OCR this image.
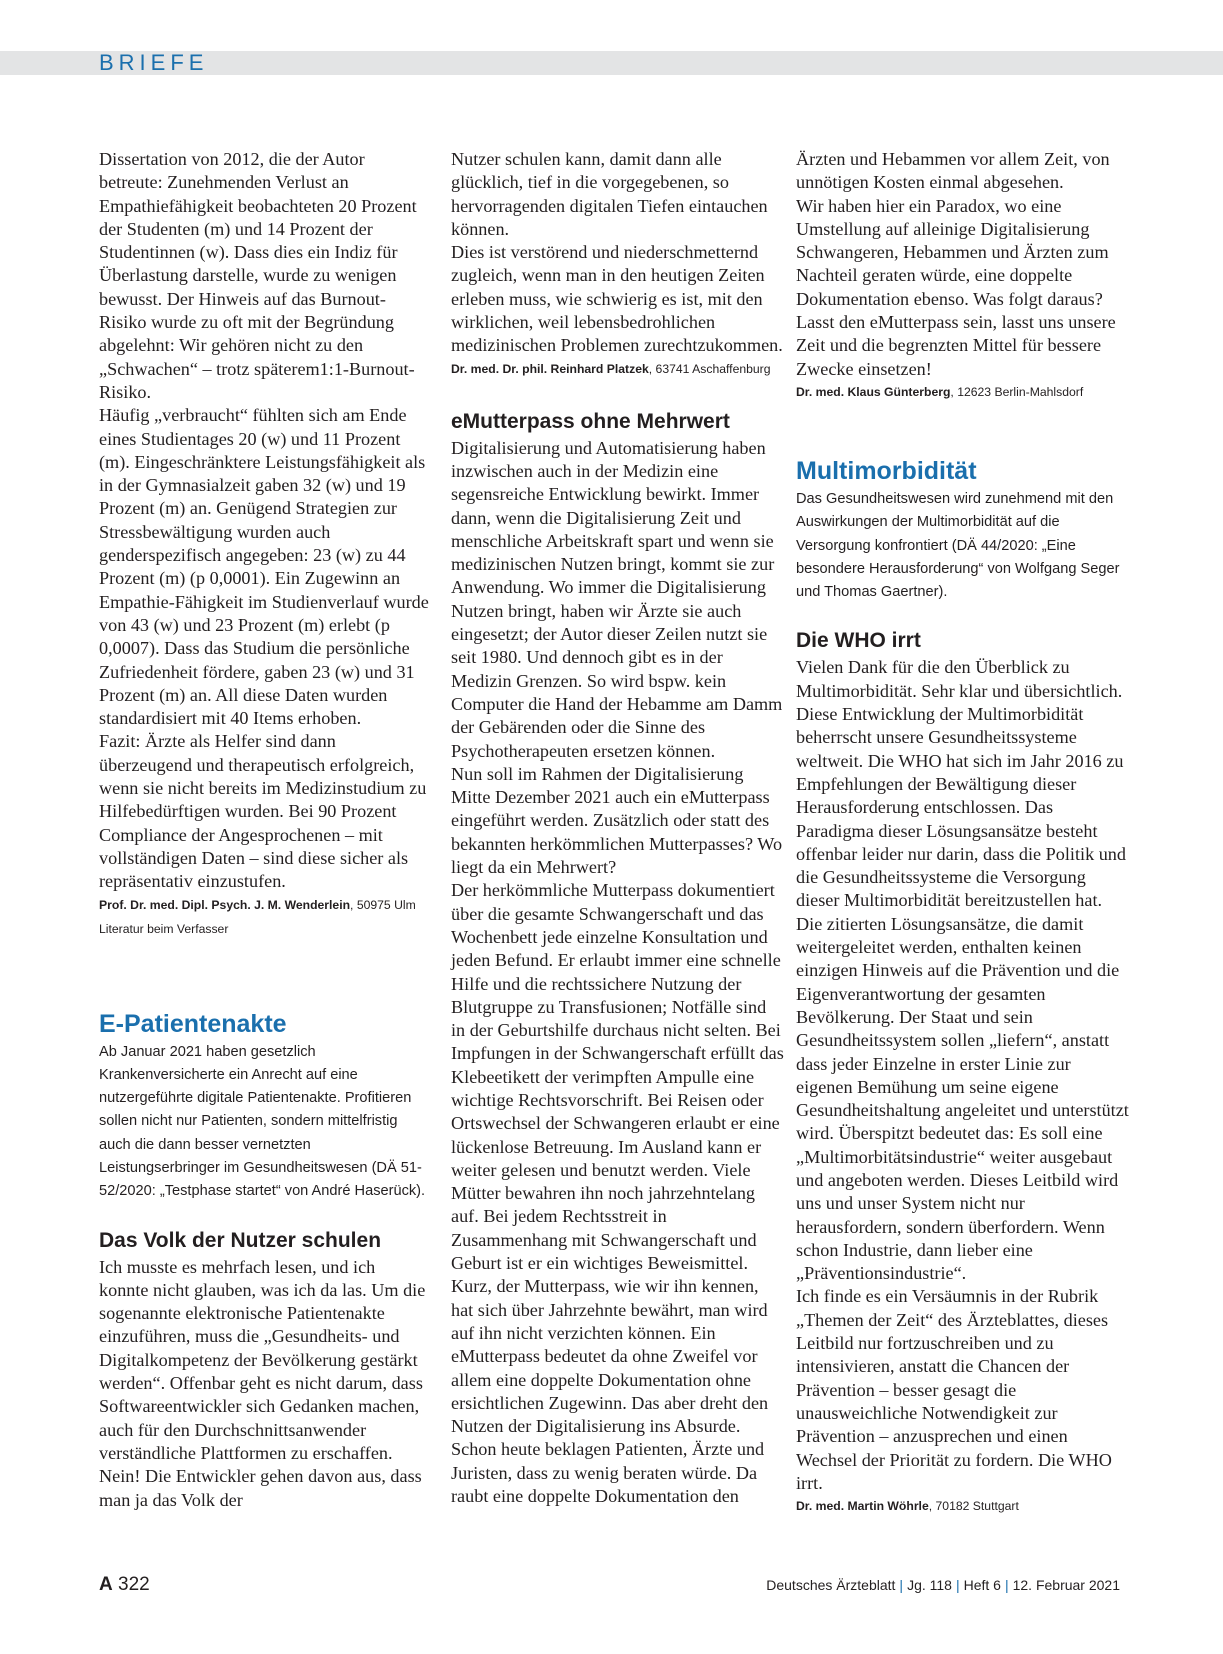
BRIEFE

Dissertation von 2012, die der Autor betreute: Zunehmenden Verlust an Empathiefähigkeit beobachteten 20 Prozent der Studenten (m) und 14 Prozent der Studentinnen (w). Dass dies ein Indiz für Überlastung darstelle, wurde zu wenigen bewusst. Der Hinweis auf das Burnout-Risiko wurde zu oft mit der Begründung abgelehnt: Wir gehören nicht zu den „Schwachen“ – trotz späterem1:1-Burnout-Risiko.

Häufig „verbraucht“ fühlten sich am Ende eines Studientages 20 (w) und 11 Prozent (m). Eingeschränktere Leistungsfähigkeit als in der Gymnasialzeit gaben 32 (w) und 19 Prozent (m) an. Genügend Strategien zur Stressbewältigung wurden auch genderspezifisch angegeben: 23 (w) zu 44 Prozent (m) (p 0,0001). Ein Zugewinn an Empathie-Fähigkeit im Studienverlauf wurde von 43 (w) und 23 Prozent (m) erlebt (p 0,0007). Dass das Studium die persönliche Zufriedenheit fördere, gaben 23 (w) und 31 Prozent (m) an. All diese Daten wurden standardisiert mit 40 Items erhoben.

Fazit: Ärzte als Helfer sind dann überzeugend und therapeutisch erfolgreich, wenn sie nicht bereits im Medizinstudium zu Hilfebedürftigen wurden. Bei 90 Prozent Compliance der Angesprochenen – mit vollständigen Daten – sind diese sicher als repräsentativ einzustufen.

Prof. Dr. med. Dipl. Psych. J. M. Wenderlein, 50975 Ulm

Literatur beim Verfasser

E-Patientenakte

Ab Januar 2021 haben gesetzlich Krankenversicherte ein Anrecht auf eine nutzergeführte digitale Patientenakte. Profitieren sollen nicht nur Patienten, sondern mittelfristig auch die dann besser vernetzten Leistungserbringer im Gesundheitswesen (DÄ 51-52/2020: „Testphase startet“ von André Haserück).

Das Volk der Nutzer schulen

Ich musste es mehrfach lesen, und ich konnte nicht glauben, was ich da las. Um die sogenannte elektronische Patientenakte einzuführen, muss die „Gesundheits- und Digitalkompetenz der Bevölkerung gestärkt werden“. Offenbar geht es nicht darum, dass Softwareentwickler sich Gedanken machen, auch für den Durchschnittsanwender verständliche Plattformen zu erschaffen. Nein! Die Entwickler gehen davon aus, dass man ja das Volk der

Nutzer schulen kann, damit dann alle glücklich, tief in die vorgegebenen, so hervorragenden digitalen Tiefen eintauchen können.

Dies ist verstörend und niederschmetternd zugleich, wenn man in den heutigen Zeiten erleben muss, wie schwierig es ist, mit den wirklichen, weil lebensbedrohlichen medizinischen Problemen zurechtzukommen.

Dr. med. Dr. phil. Reinhard Platzek, 63741 Aschaffenburg

eMutterpass ohne Mehrwert

Digitalisierung und Automatisierung haben inzwischen auch in der Medizin eine segensreiche Entwicklung bewirkt. Immer dann, wenn die Digitalisierung Zeit und menschliche Arbeitskraft spart und wenn sie medizinischen Nutzen bringt, kommt sie zur Anwendung. Wo immer die Digitalisierung Nutzen bringt, haben wir Ärzte sie auch eingesetzt; der Autor dieser Zeilen nutzt sie seit 1980. Und dennoch gibt es in der Medizin Grenzen. So wird bspw. kein Computer die Hand der Hebamme am Damm der Gebärenden oder die Sinne des Psychotherapeuten ersetzen können.

Nun soll im Rahmen der Digitalisierung Mitte Dezember 2021 auch ein eMutterpass eingeführt werden. Zusätzlich oder statt des bekannten herkömmlichen Mutterpasses? Wo liegt da ein Mehrwert?

Der herkömmliche Mutterpass dokumentiert über die gesamte Schwangerschaft und das Wochenbett jede einzelne Konsultation und jeden Befund. Er erlaubt immer eine schnelle Hilfe und die rechtssichere Nutzung der Blutgruppe zu Transfusionen; Notfälle sind in der Geburtshilfe durchaus nicht selten. Bei Impfungen in der Schwangerschaft erfüllt das Klebeetikett der verimpften Ampulle eine wichtige Rechtsvorschrift. Bei Reisen oder Ortswechsel der Schwangeren erlaubt er eine lückenlose Betreuung. Im Ausland kann er weiter gelesen und benutzt werden. Viele Mütter bewahren ihn noch jahrzehntelang auf. Bei jedem Rechtsstreit in Zusammenhang mit Schwangerschaft und Geburt ist er ein wichtiges Beweismittel.

Kurz, der Mutterpass, wie wir ihn kennen, hat sich über Jahrzehnte bewährt, man wird auf ihn nicht verzichten können. Ein eMutterpass bedeutet da ohne Zweifel vor allem eine doppelte Dokumentation ohne ersichtlichen Zugewinn. Das aber dreht den Nutzen der Digitalisierung ins Absurde.

Schon heute beklagen Patienten, Ärzte und Juristen, dass zu wenig beraten würde. Da raubt eine doppelte Dokumentation den

Ärzten und Hebammen vor allem Zeit, von unnötigen Kosten einmal abgesehen.

Wir haben hier ein Paradox, wo eine Umstellung auf alleinige Digitalisierung Schwangeren, Hebammen und Ärzten zum Nachteil geraten würde, eine doppelte Dokumentation ebenso. Was folgt daraus? Lasst den eMutterpass sein, lasst uns unsere Zeit und die begrenzten Mittel für bessere Zwecke einsetzen!

Dr. med. Klaus Günterberg, 12623 Berlin-Mahlsdorf

Multimorbidität

Das Gesundheitswesen wird zunehmend mit den Auswirkungen der Multimorbidität auf die Versorgung konfrontiert (DÄ 44/2020: „Eine besondere Herausforderung“ von Wolfgang Seger und Thomas Gaertner).

Die WHO irrt

Vielen Dank für die den Überblick zu Multimorbidität. Sehr klar und übersichtlich. Diese Entwicklung der Multimorbidität beherrscht unsere Gesundheitssysteme weltweit. Die WHO hat sich im Jahr 2016 zu Empfehlungen der Bewältigung dieser Herausforderung entschlossen. Das Paradigma dieser Lösungsansätze besteht offenbar leider nur darin, dass die Politik und die Gesundheitssysteme die Versorgung dieser Multimorbidität bereitzustellen hat.

Die zitierten Lösungsansätze, die damit weitergeleitet werden, enthalten keinen einzigen Hinweis auf die Prävention und die Eigenverantwortung der gesamten Bevölkerung. Der Staat und sein Gesundheitssystem sollen „liefern“, anstatt dass jeder Einzelne in erster Linie zur eigenen Bemühung um seine eigene Gesundheitshaltung angeleitet und unterstützt wird. Überspitzt bedeutet das: Es soll eine „Multimorbitätsindustrie“ weiter ausgebaut und angeboten werden. Dieses Leitbild wird uns und unser System nicht nur herausfordern, sondern überfordern. Wenn schon Industrie, dann lieber eine „Präventionsindustrie“.

Ich finde es ein Versäumnis in der Rubrik „Themen der Zeit“ des Ärzteblattes, dieses Leitbild nur fortzuschreiben und zu intensivieren, anstatt die Chancen der Prävention – besser gesagt die unausweichliche Notwendigkeit zur Prävention – anzusprechen und einen Wechsel der Priorität zu fordern. Die WHO irrt.

Dr. med. Martin Wöhrle, 70182 Stuttgart

A 322	Deutsches Ärzteblatt | Jg. 118 | Heft 6 | 12. Februar 2021
